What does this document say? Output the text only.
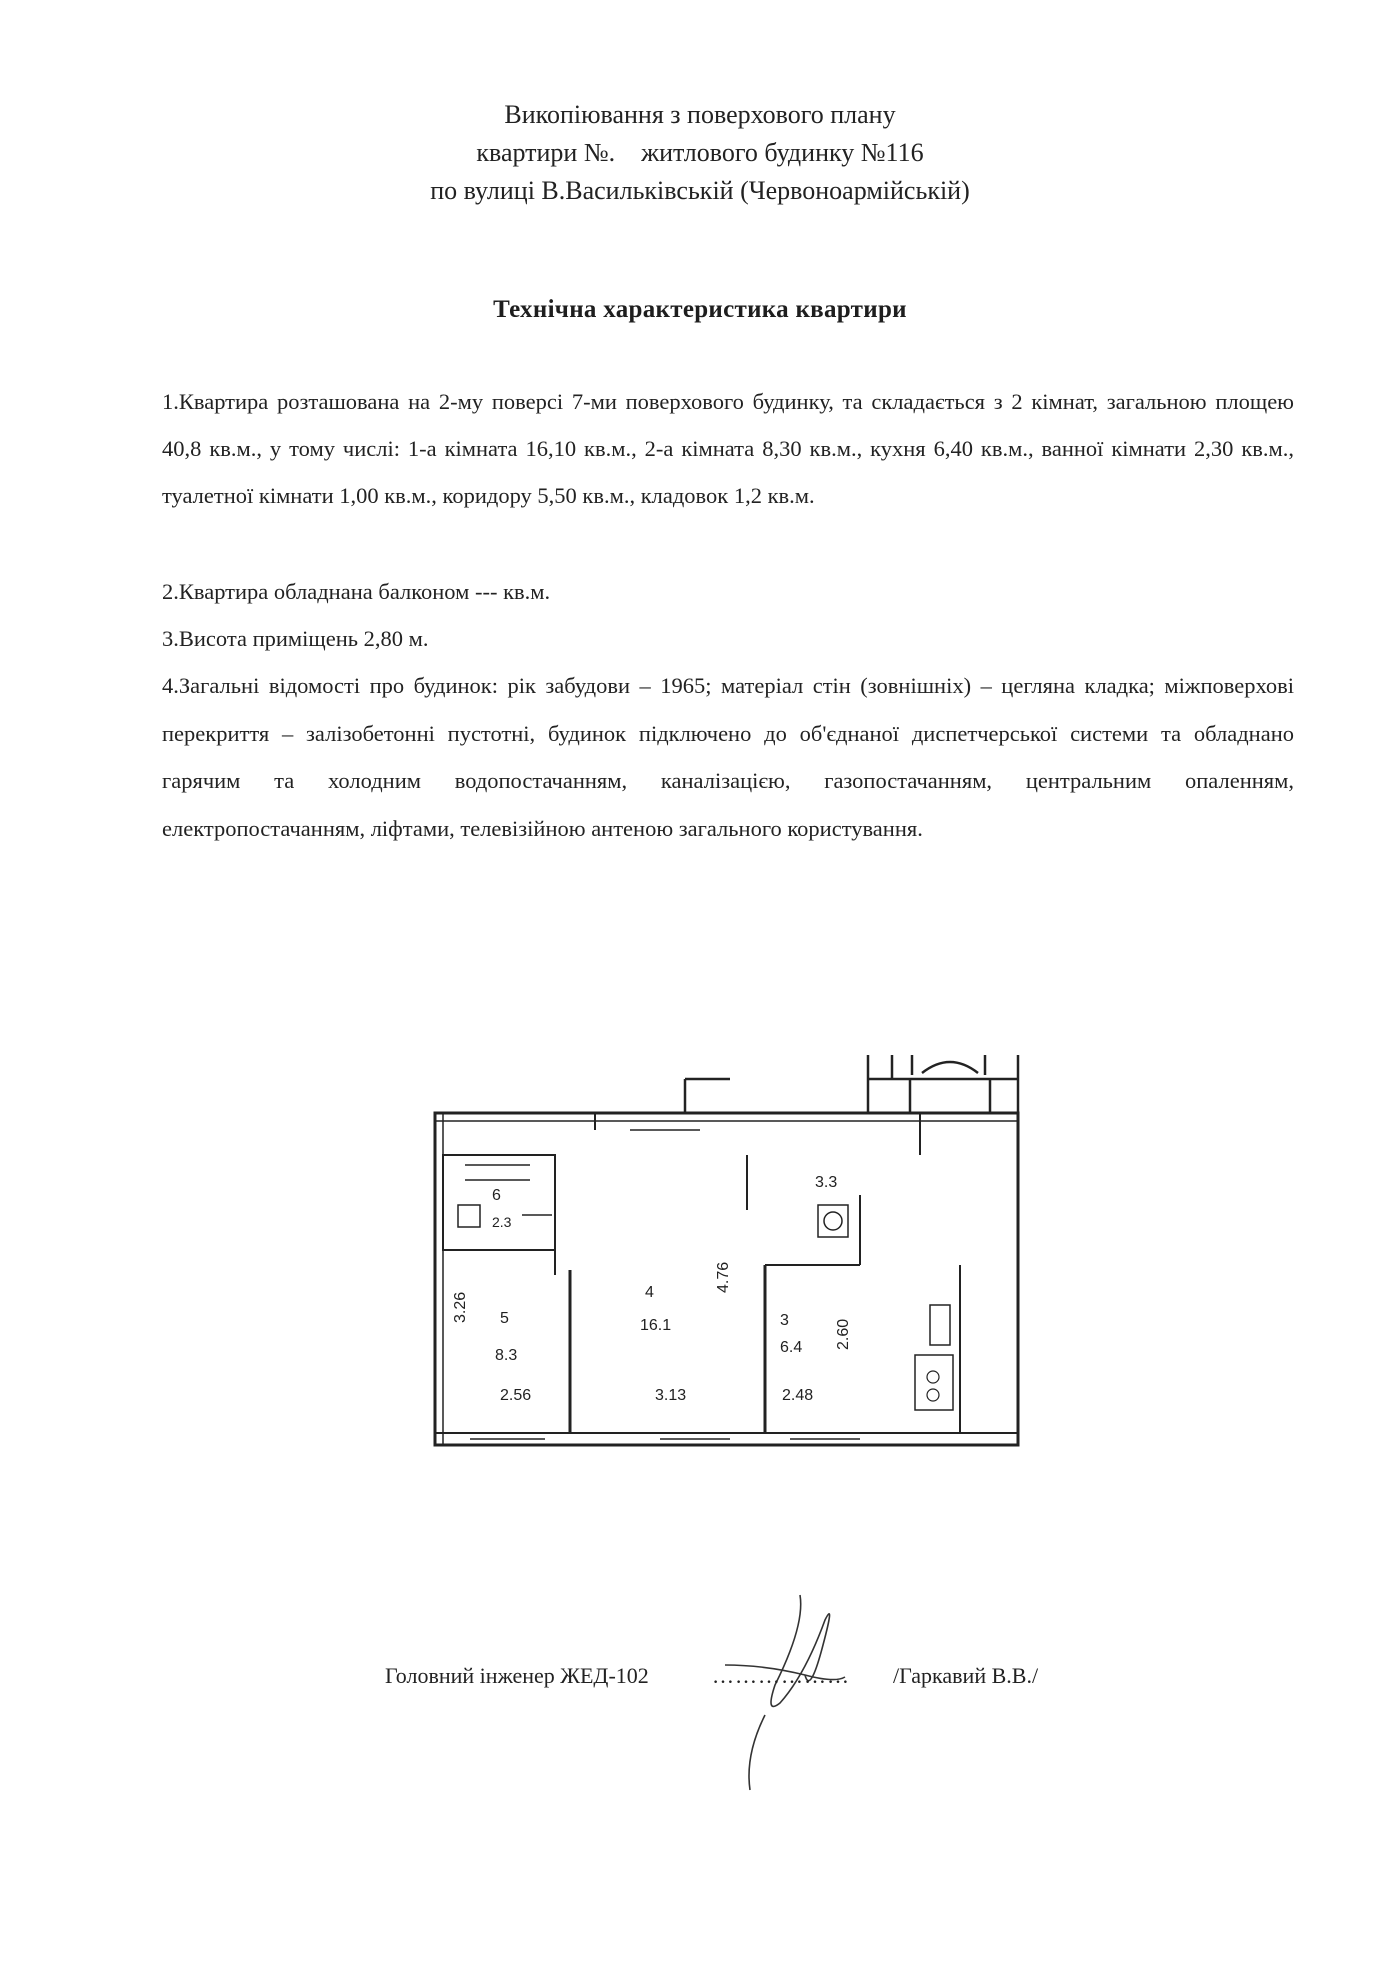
Викопіювання з поверхового плану
квартири №.    житлового будинку №116
по вулиці В.Васильківській (Червоноармійській)
Технічна характеристика квартири
1.Квартира розташована на 2-му поверсі 7-ми поверхового будинку, та складається з 2 кімнат, загальною площею 40,8 кв.м., у тому числі: 1-а кімната 16,10 кв.м., 2-а кімната 8,30 кв.м., кухня 6,40 кв.м., ванної кімнати 2,30 кв.м., туалетної кімнати 1,00 кв.м., коридору 5,50 кв.м., кладовок 1,2 кв.м.
2.Квартира обладнана балконом --- кв.м.
3.Висота приміщень 2,80 м.
4.Загальні відомості про будинок: рік забудови – 1965; матеріал стін (зовнішніх) – цегляна кладка; міжповерхові перекриття – залізобетонні пустотні, будинок підключено до об'єднаної диспетчерської системи та обладнано гарячим та холодним водопостачанням, каналізацією, газопостачанням, центральним опаленням, електропостачанням, ліфтами, телевізійною антеною загального користування.
6
2.3
5
8.3
3.26
2.56
4
16.1
4.76
3.13
3
6.4 2.60
2.48
3.3
Головний інженер ЖЕД-102	……………… /Гаркавий В.В./
